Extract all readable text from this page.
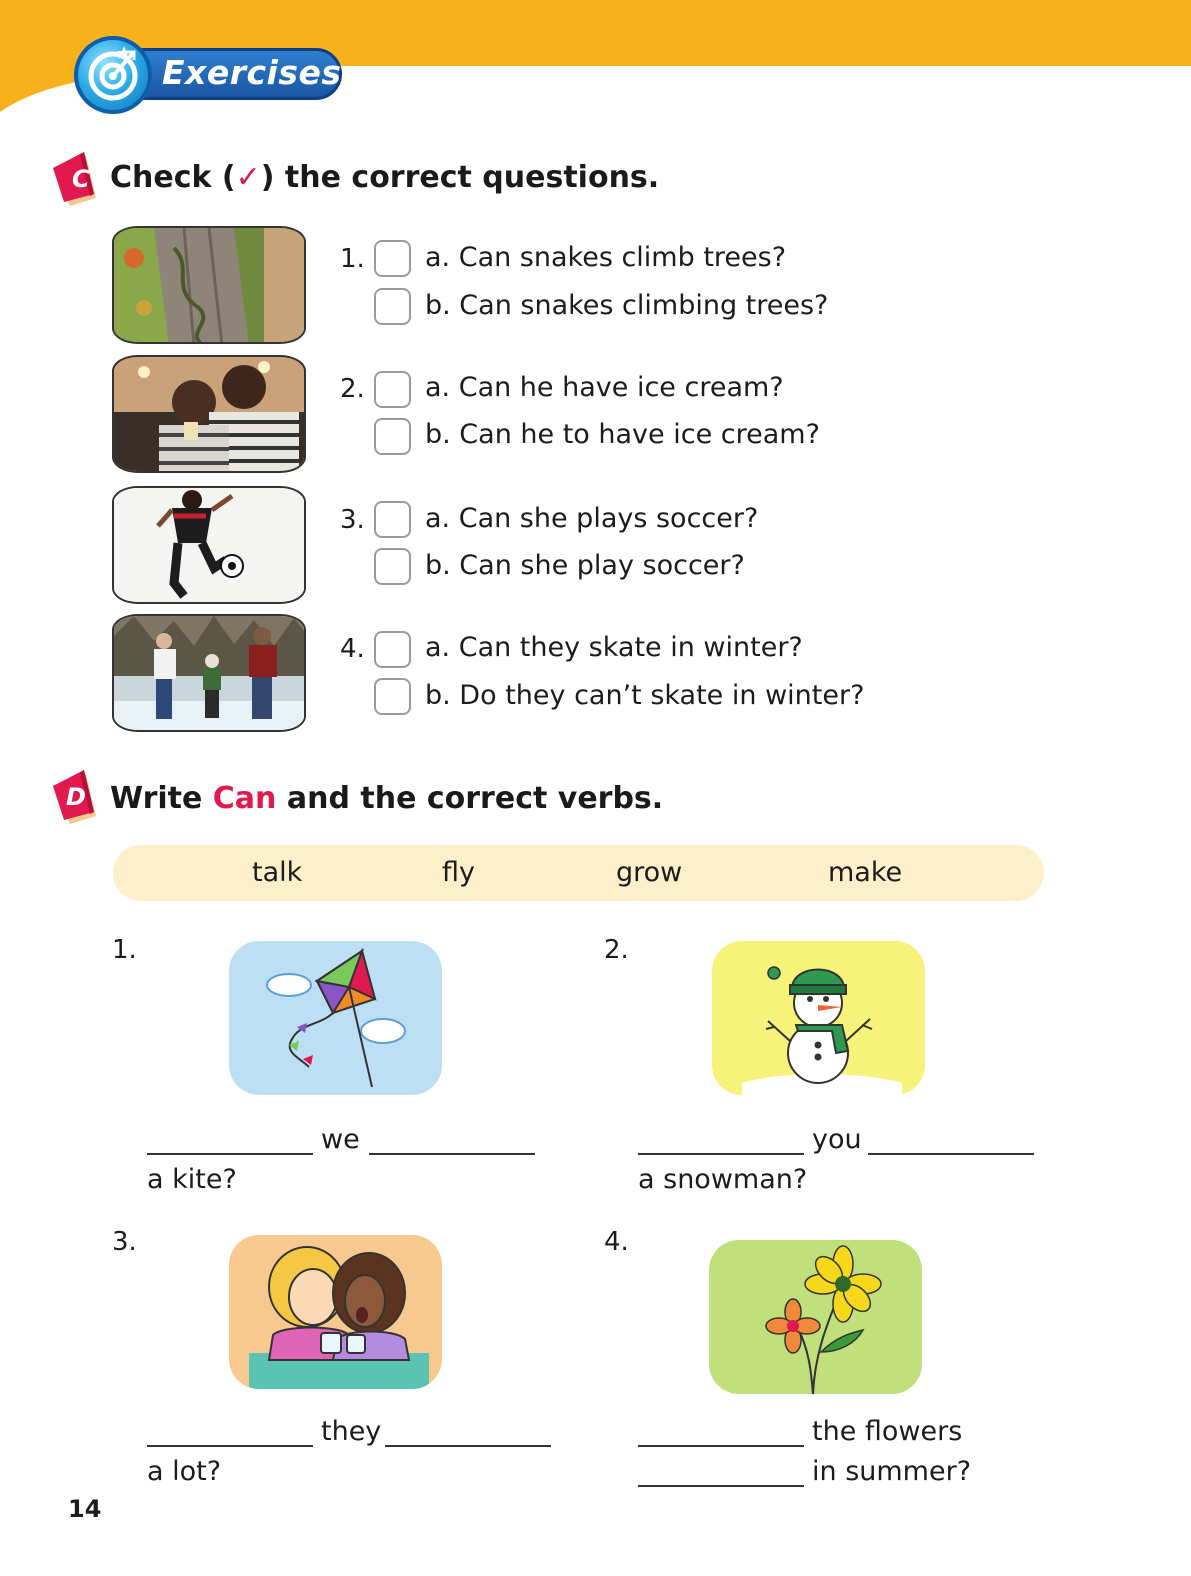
Exercises
C Check (✓) the correct questions.
1. a. Can snakes climb trees?
b. Can snakes climbing trees?
2. a. Can he have ice cream?
b. Can he to have ice cream?
3. a. Can she plays soccer?
b. Can she play soccer?
4. a. Can they skate in winter?
b. Do they can’t skate in winter?
D Write Can and the correct verbs.
talk	fly	grow	make
1.
we
a kite?
2.
you
a snowman?
3.
they
a lot?
4.
the flowers
in summer?
14
